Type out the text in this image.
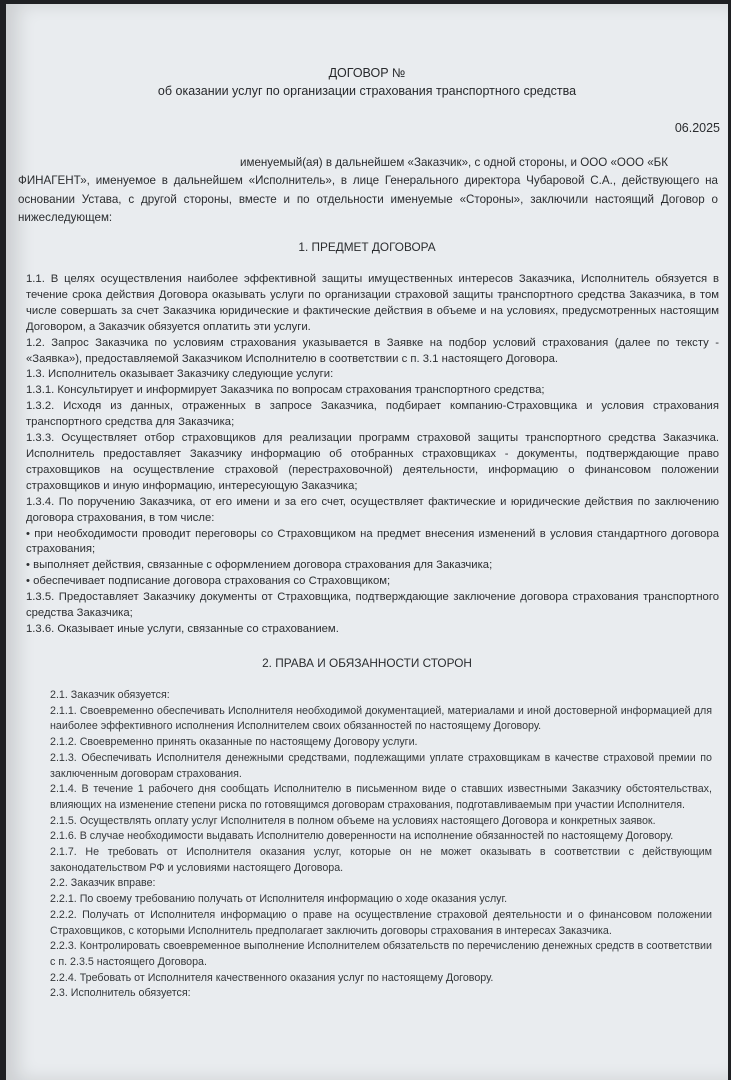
ДОГОВОР №
об оказании услуг по организации страхования транспортного средства
06.2025
именуемый(ая) в дальнейшем «Заказчик», с одной стороны, и ООО «ООО «БК
ФИНАГЕНТ», именуемое в дальнейшем «Исполнитель», в лице Генерального директора Чубаровой С.А., действующего на основании Устава, с другой стороны, вместе и по отдельности именуемые «Стороны», заключили настоящий Договор о нижеследующем:
1. ПРЕДМЕТ ДОГОВОРА

1.1. В целях осуществления наиболее эффективной защиты имущественных интересов Заказчика, Исполнитель обязуется в течение срока действия Договора оказывать услуги по организации страховой защиты транспортного средства Заказчика, в том числе совершать за счет Заказчика юридические и фактические действия в объеме и на условиях, предусмотренных настоящим Договором, а Заказчик обязуется оплатить эти услуги.

1.2. Запрос Заказчика по условиям страхования указывается в Заявке на подбор условий страхования (далее по тексту - «Заявка»), предоставляемой Заказчиком Исполнителю в соответствии с п. 3.1 настоящего Договора.

1.3. Исполнитель оказывает Заказчику следующие услуги:

1.3.1. Консультирует и информирует Заказчика по вопросам страхования транспортного средства;

1.3.2. Исходя из данных, отраженных в запросе Заказчика, подбирает компанию-Страховщика и условия страхования транспортного средства для Заказчика;

1.3.3. Осуществляет отбор страховщиков для реализации программ страховой защиты транспортного средства Заказчика. Исполнитель предоставляет Заказчику информацию об отобранных страховщиках - документы, подтверждающие право страховщиков на осуществление страховой (перестраховочной) деятельности, информацию о финансовом положении страховщиков и иную информацию, интересующую Заказчика;

1.3.4. По поручению Заказчика, от его имени и за его счет, осуществляет фактические и юридические действия по заключению договора страхования, в том числе:

• при необходимости проводит переговоры со Страховщиком на предмет внесения изменений в условия стандартного договора страхования;

• выполняет действия, связанные с оформлением договора страхования для Заказчика;

• обеспечивает подписание договора страхования со Страховщиком;

1.3.5. Предоставляет Заказчику документы от Страховщика, подтверждающие заключение договора страхования транспортного средства Заказчика;

1.3.6. Оказывает иные услуги, связанные со страхованием.

2. ПРАВА И ОБЯЗАННОСТИ СТОРОН

2.1. Заказчик обязуется:

2.1.1. Своевременно обеспечивать Исполнителя необходимой документацией, материалами и иной достоверной информацией для наиболее эффективного исполнения Исполнителем своих обязанностей по настоящему Договору.

2.1.2. Своевременно принять оказанные по настоящему Договору услуги.

2.1.3. Обеспечивать Исполнителя денежными средствами, подлежащими уплате страховщикам в качестве страховой премии по заключенным договорам страхования.

2.1.4. В течение 1 рабочего дня сообщать Исполнителю в письменном виде о ставших известными Заказчику обстоятельствах, влияющих на изменение степени риска по готовящимся договорам страхования, подготавливаемым при участии Исполнителя.

2.1.5. Осуществлять оплату услуг Исполнителя в полном объеме на условиях настоящего Договора и конкретных заявок.

2.1.6. В случае необходимости выдавать Исполнителю доверенности на исполнение обязанностей по настоящему Договору.

2.1.7. Не требовать от Исполнителя оказания услуг, которые он не может оказывать в соответствии с действующим законодательством РФ и условиями настоящего Договора.

2.2. Заказчик вправе:

2.2.1. По своему требованию получать от Исполнителя информацию о ходе оказания услуг.

2.2.2. Получать от Исполнителя информацию о праве на осуществление страховой деятельности и о финансовом положении Страховщиков, с которыми Исполнитель предполагает заключить договоры страхования в интересах Заказчика.

2.2.3. Контролировать своевременное выполнение Исполнителем обязательств по перечислению денежных средств в соответствии с п. 2.3.5 настоящего Договора.

2.2.4. Требовать от Исполнителя качественного оказания услуг по настоящему Договору.

2.3. Исполнитель обязуется:
